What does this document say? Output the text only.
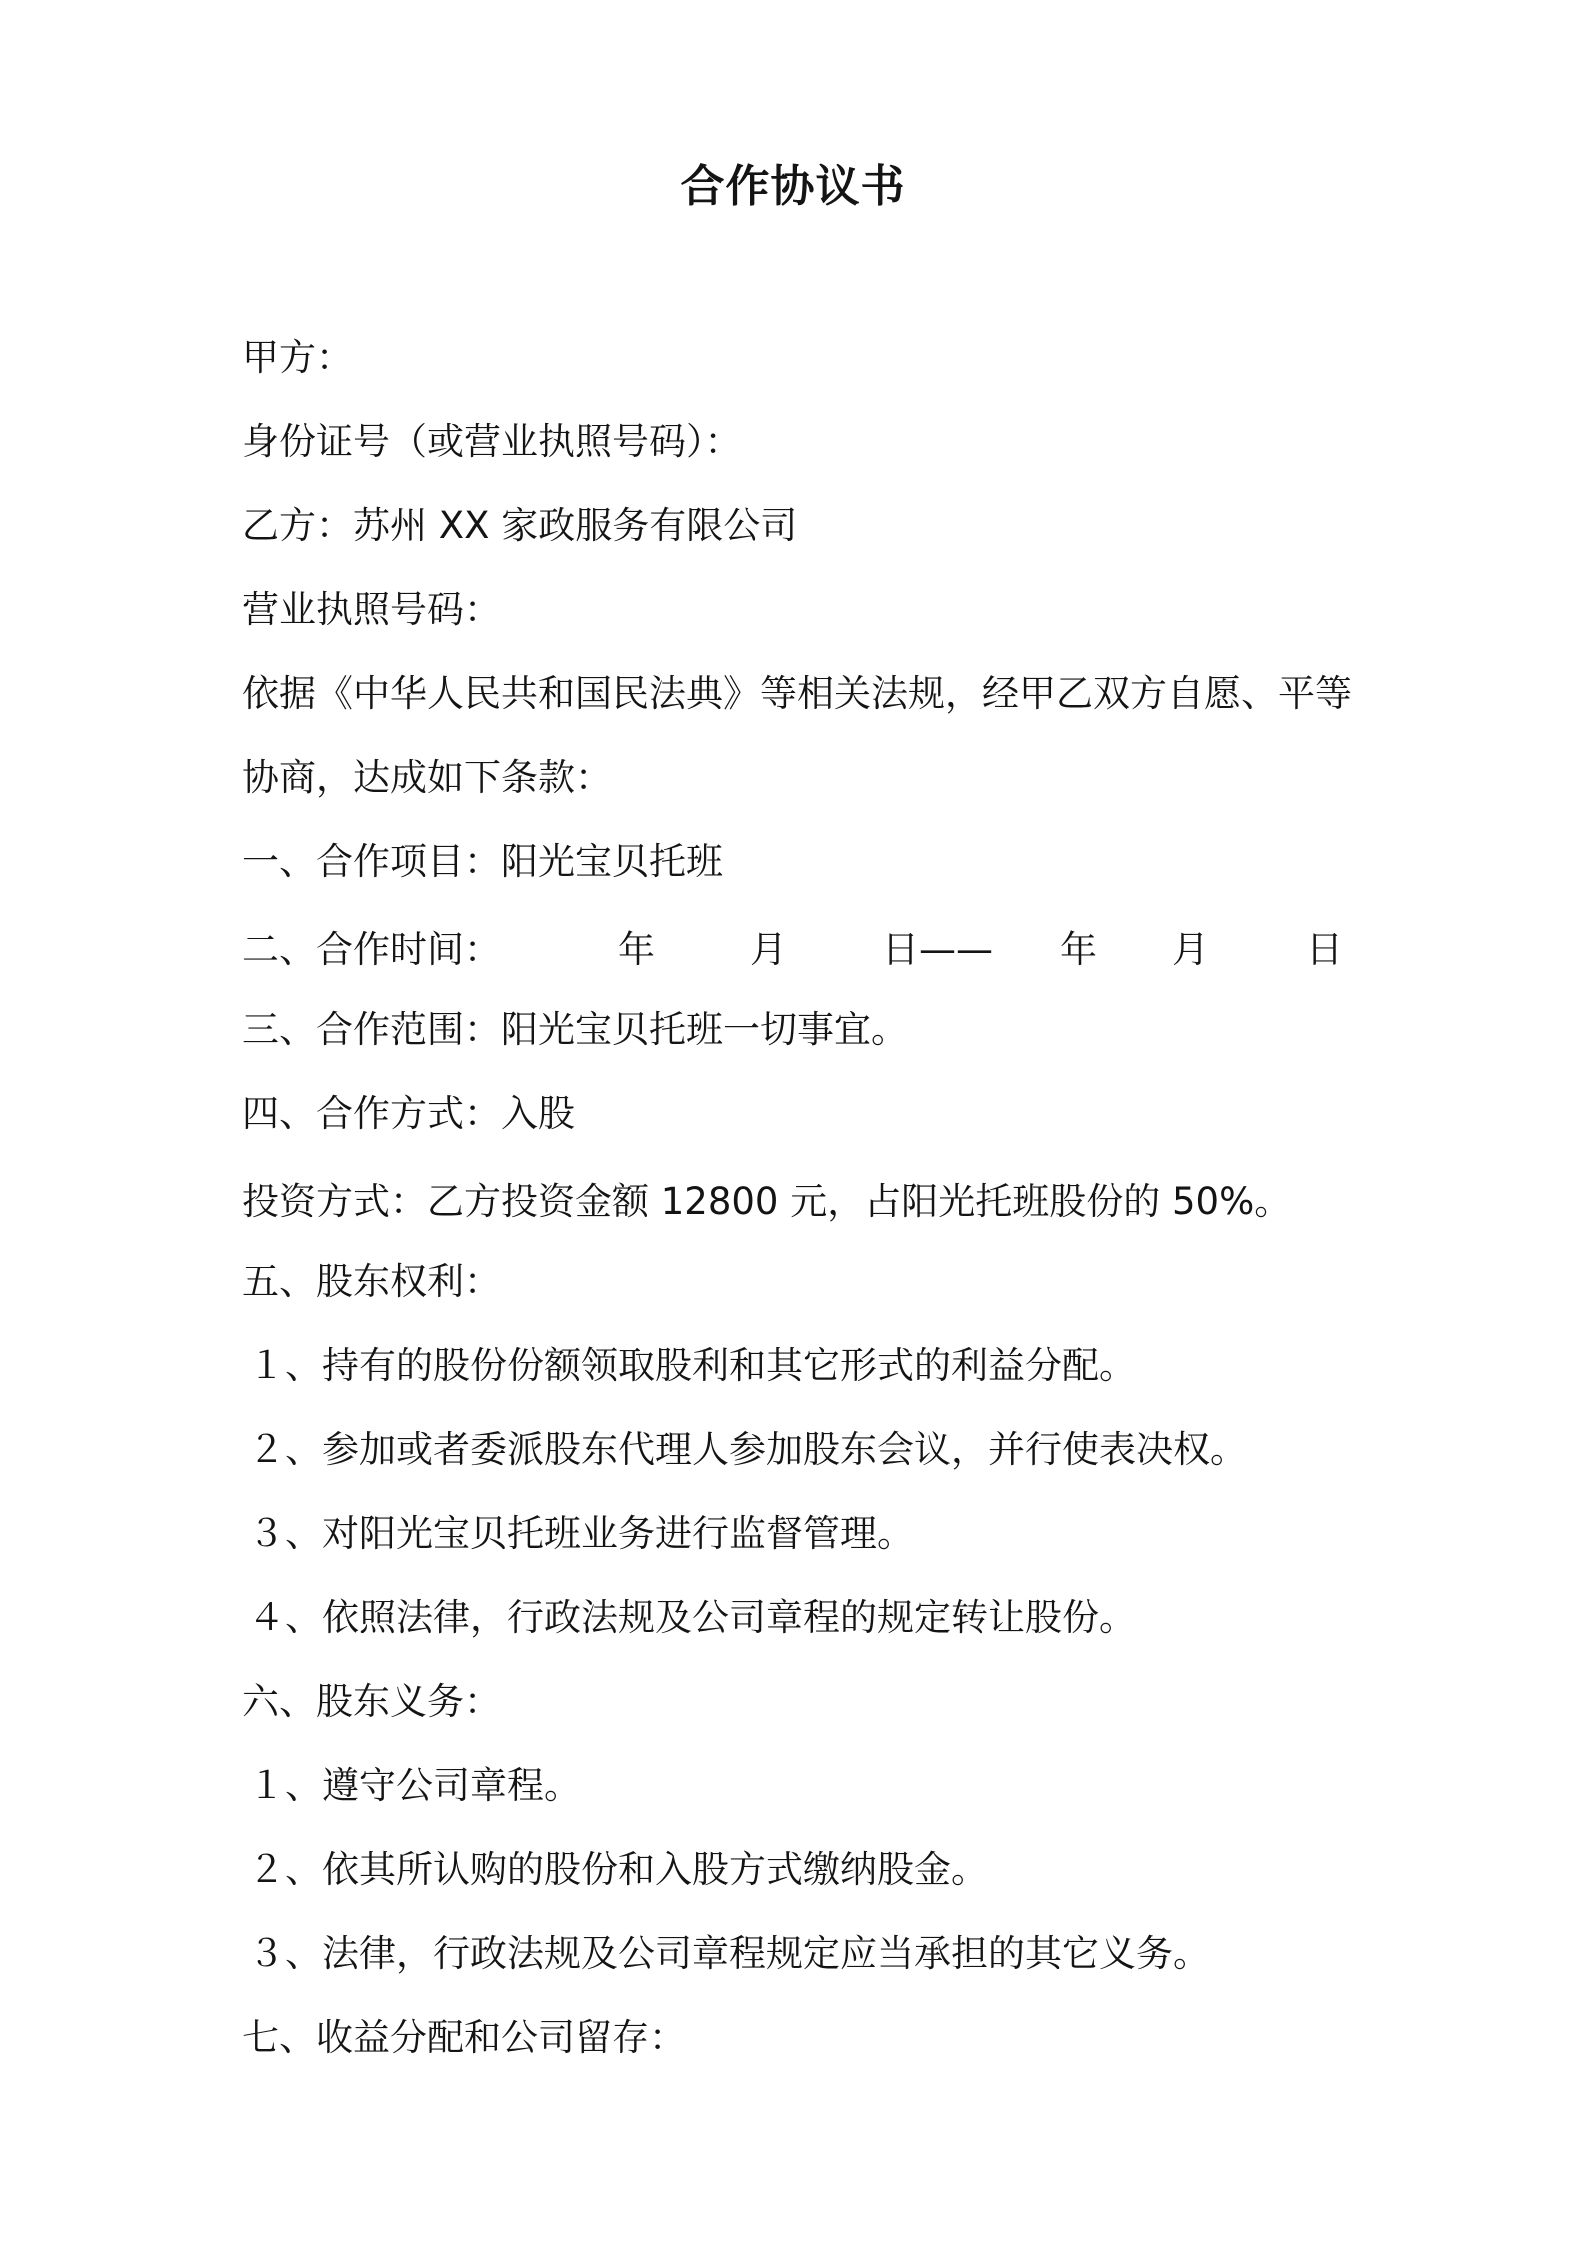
合作协议书
甲方：
身份证号（或营业执照号码）：
乙方：苏州 XX 家政服务有限公司
营业执照号码：
依据《中华人民共和国民法典》等相关法规，经甲乙双方自愿、平等
协商，达成如下条款：
一、合作项目：阳光宝贝托班
二、合作时间：	年	月	日—— 年 月	日
三、合作范围：阳光宝贝托班一切事宜。
四、合作方式：入股
投资方式：乙方投资金额 12800 元，占阳光托班股份的 50%。
五、股东权利：
１、持有的股份份额领取股利和其它形式的利益分配。
２、参加或者委派股东代理人参加股东会议，并行使表决权。
３、对阳光宝贝托班业务进行监督管理。
４、依照法律，行政法规及公司章程的规定转让股份。
六、股东义务：
１、遵守公司章程。
２、依其所认购的股份和入股方式缴纳股金。
３、法律，行政法规及公司章程规定应当承担的其它义务。
七、收益分配和公司留存：
